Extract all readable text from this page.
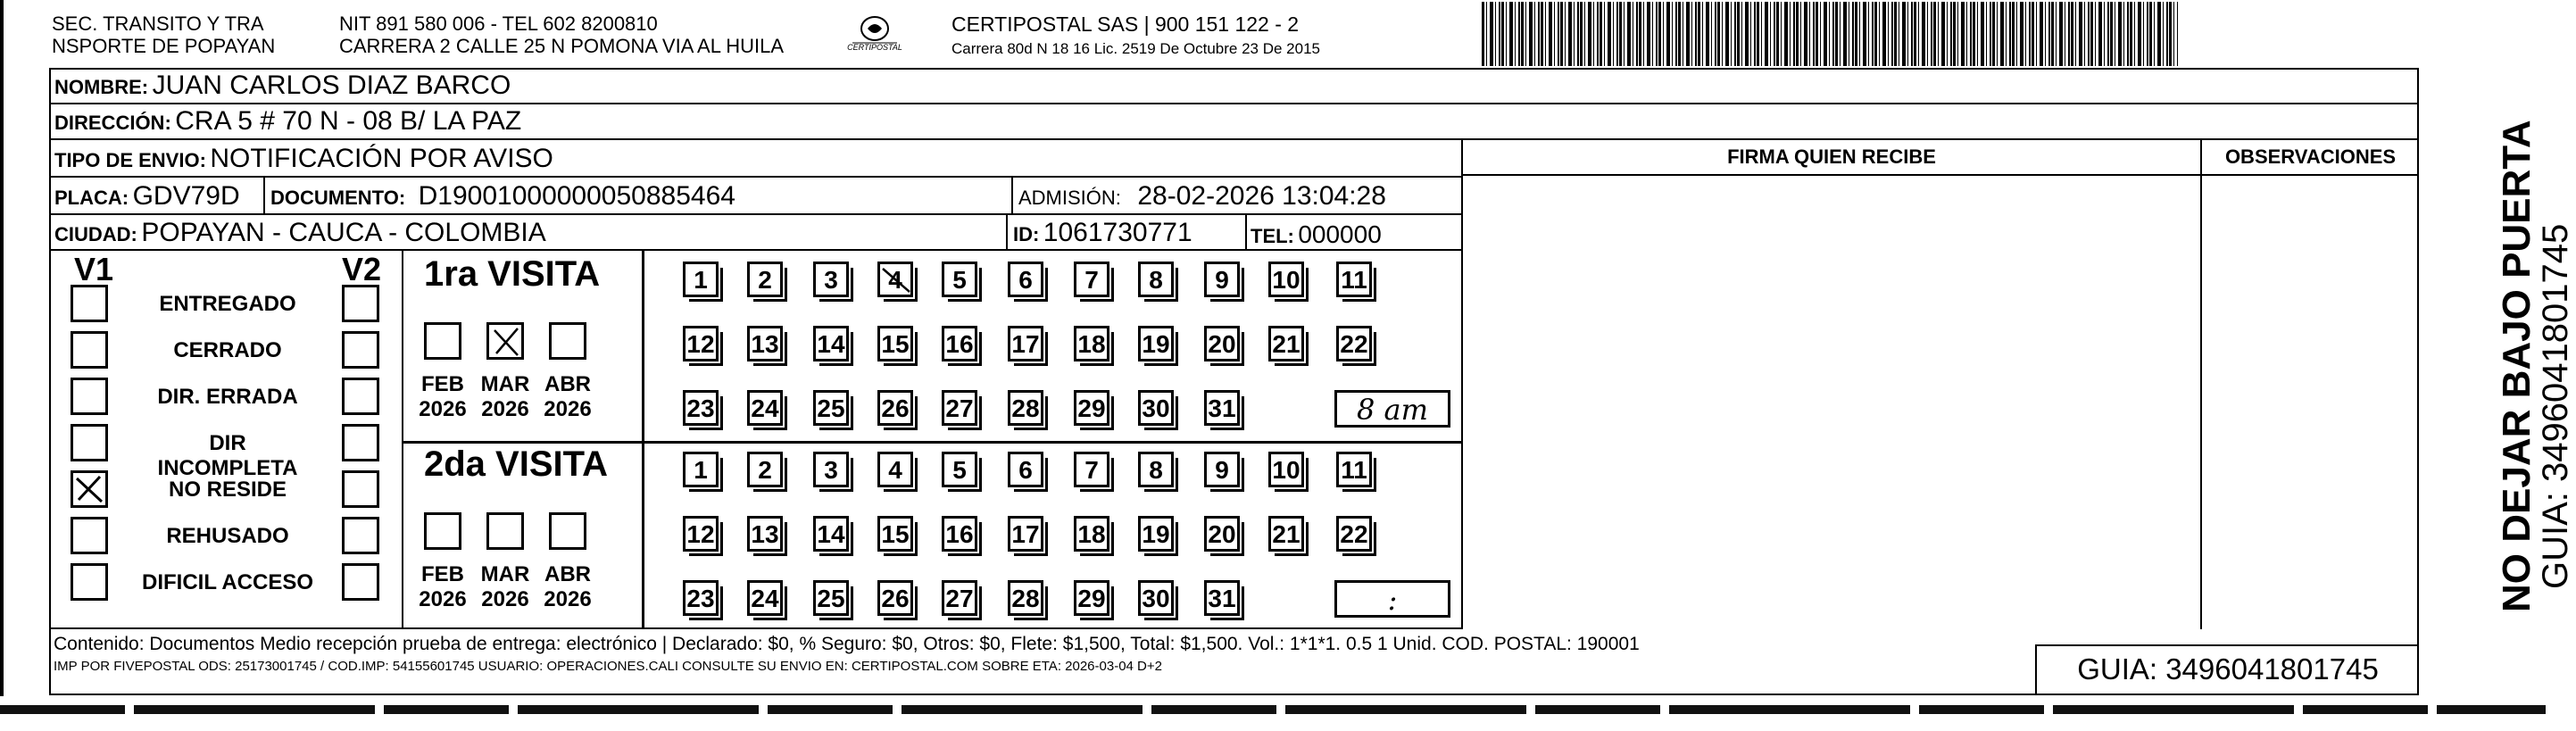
SEC. TRANSITO Y TRA
NSPORTE DE POPAYAN
NIT 891 580 006 - TEL 602 8200810
CARRERA 2 CALLE 25 N POMONA VIA AL HUILA	CERTIPOSTAL
CERTIPOSTAL SAS | 900 151 122 - 2
Carrera 80d N 18 16 Lic. 2519 De Octubre 23 De 2015
NOMBRE: JUAN CARLOS DIAZ BARCO
DIRECCIÓN: CRA 5 # 70 N - 08 B/ LA PAZ
TIPO DE ENVIO: NOTIFICACIÓN POR AVISO
PLACA: GDV79D DOCUMENTO: D19001000000050885464	ADMISIÓN: 28-02-2026 13:04:28
CIUDAD: POPAYAN - CAUCA - COLOMBIA	ID: 1061730771	TEL: 000000
FIRMA QUIEN RECIBE	OBSERVACIONES
V1	V2
ENTREGADO
CERRADO
DIR. ERRADA
DIR INCOMPLETA
NO RESIDE
REHUSADO
DIFICIL ACCESO
1ra VISITA
FEB
2026
MAR
2026
ABR
2026
1	2	3	4	5	6	7	8	9	10 11
12 13 14 15 16 17 18 19 20 21 22
23 24 25 26 27 28 29 30 31	8 am
2da VISITA
FEB
2026
MAR
2026
ABR
2026
1	2	3	4	5	6	7	8	9	10 11
12 13 14 15 16 17 18 19 20 21 22
23 24 25 26 27 28 29 30 31	:
Contenido: Documentos Medio recepción prueba de entrega: electrónico | Declarado: $0, % Seguro: $0, Otros: $0, Flete: $1,500, Total: $1,500. Vol.: 1*1*1. 0.5 1 Unid. COD. POSTAL: 190001
IMP POR FIVEPOSTAL ODS: 25173001745 / COD.IMP: 54155601745 USUARIO: OPERACIONES.CALI CONSULTE SU ENVIO EN: CERTIPOSTAL.COM SOBRE ETA: 2026-03-04 D+2	GUIA: 3496041801745
NO DEJAR BAJO PUERTA
GUIA: 3496041801745
